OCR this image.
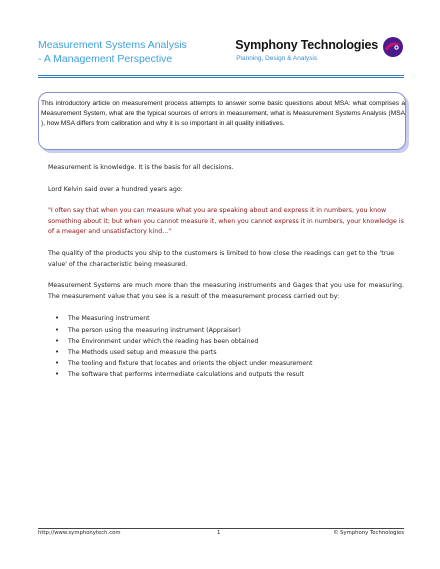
Measurement Systems Analysis
- A Management Perspective
Symphony Technologies
Planning, Design & Analysis
This introductory article on measurement process attempts to answer some basic questions about MSA: what comprises a Measurement System, what are the typical sources of errors in measurement, what is Measurement Systems Analysis (MSA ), how MSA differs from calibration and why it is so important in all quality initiatives.

Measurement is knowledge. It is the basis for all decisions.

Lord Kelvin said over a hundred years ago:

"I often say that when you can measure what you are speaking about and express it in numbers, you know something about it; but when you cannot measure it, when you cannot express it in numbers, your knowledge is of a meager and unsatisfactory kind..."

The quality of the products you ship to the customers is limited to how close the readings can get to the 'true value' of the characteristic being measured.

Measurement Systems are much more than the measuring instruments and Gages that you use for measuring. The measurement value that you see is a result of the measurement process carried out by:

• The Measuring instrument
• The person using the measuring instrument (Appraiser)
• The Environment under which the reading has been obtained
• The Methods used setup and measure the parts
• The tooling and fixture that locates and orients the object under measurement
• The software that performs intermediate calculations and outputs the result
http://www.symphonytech.com	1	© Symphony Technologies
